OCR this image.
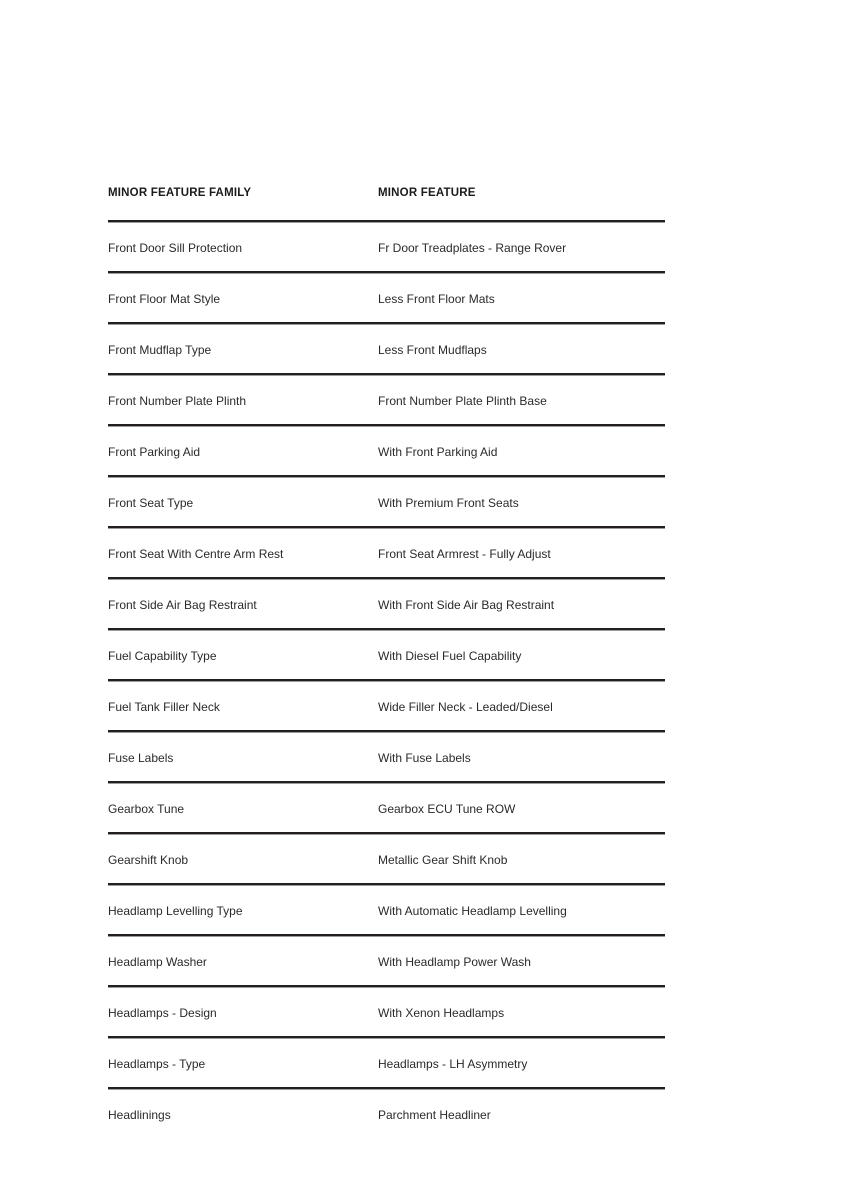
MINOR FEATURE FAMILY	MINOR FEATURE
Front Door Sill Protection	Fr Door Treadplates - Range Rover
Front Floor Mat Style	Less Front Floor Mats
Front Mudflap Type	Less Front Mudflaps
Front Number Plate Plinth	Front Number Plate Plinth Base
Front Parking Aid	With Front Parking Aid
Front Seat Type	With Premium Front Seats
Front Seat With Centre Arm Rest	Front Seat Armrest - Fully Adjust
Front Side Air Bag Restraint	With Front Side Air Bag Restraint
Fuel Capability Type	With Diesel Fuel Capability
Fuel Tank Filler Neck	Wide Filler Neck - Leaded/Diesel
Fuse Labels	With Fuse Labels
Gearbox Tune	Gearbox ECU Tune ROW
Gearshift Knob	Metallic Gear Shift Knob
Headlamp Levelling Type	With Automatic Headlamp Levelling
Headlamp Washer	With Headlamp Power Wash
Headlamps - Design	With Xenon Headlamps
Headlamps - Type	Headlamps - LH Asymmetry
Headlinings	Parchment Headliner
